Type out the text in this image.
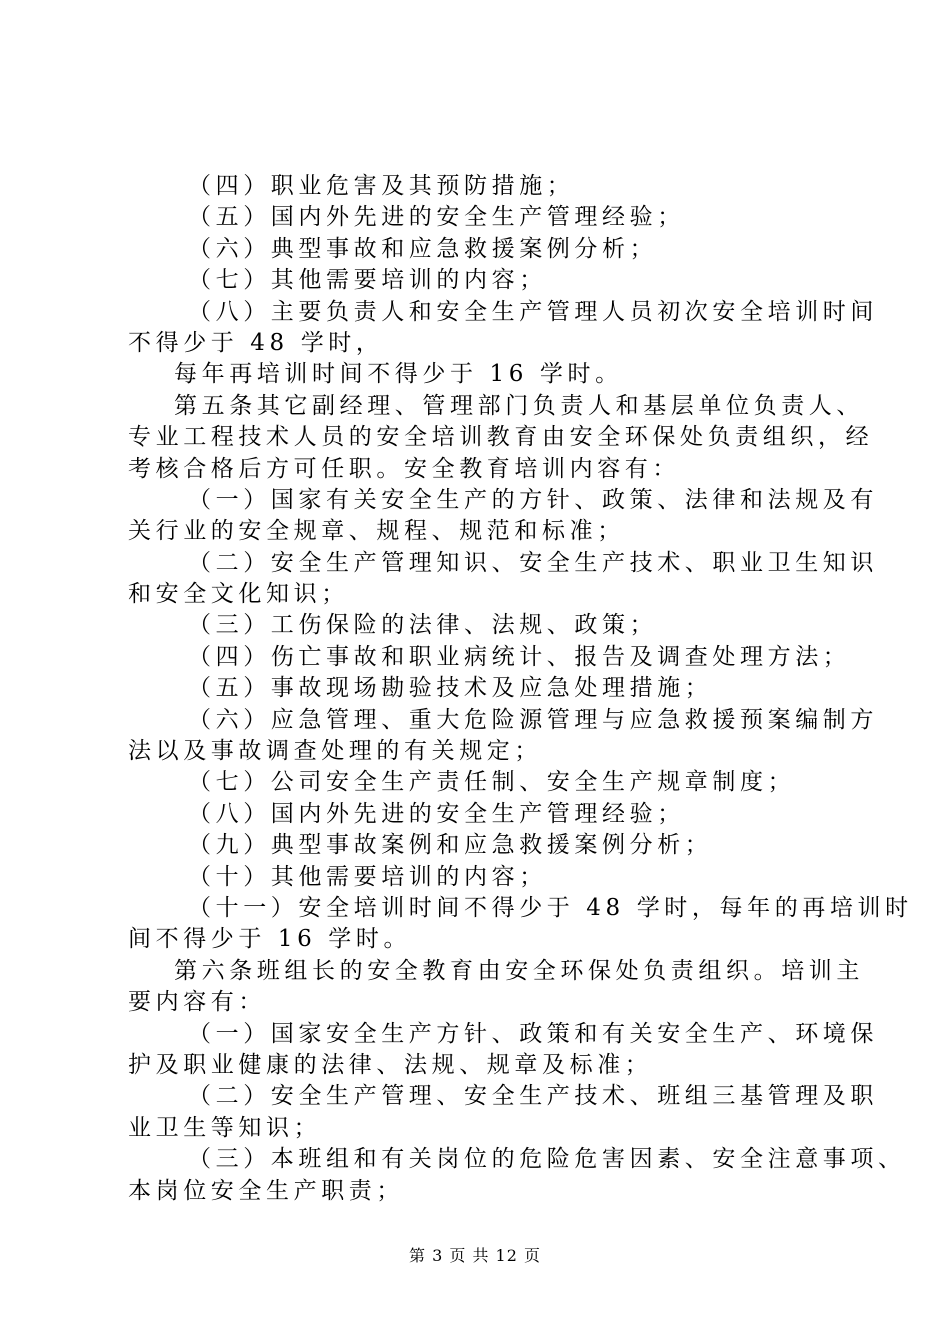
（四）职业危害及其预防措施；
（五）国内外先进的安全生产管理经验；
（六）典型事故和应急救援案例分析；
（七）其他需要培训的内容；
（八）主要负责人和安全生产管理人员初次安全培训时间
不得少于 48 学时，
每年再培训时间不得少于 16 学时。
第五条其它副经理、管理部门负责人和基层单位负责人、
专业工程技术人员的安全培训教育由安全环保处负责组织，经
考核合格后方可任职。安全教育培训内容有：
（一）国家有关安全生产的方针、政策、法律和法规及有
关行业的安全规章、规程、规范和标准；
（二）安全生产管理知识、安全生产技术、职业卫生知识
和安全文化知识；
（三）工伤保险的法律、法规、政策；
（四）伤亡事故和职业病统计、报告及调查处理方法；
（五）事故现场勘验技术及应急处理措施；
（六）应急管理、重大危险源管理与应急救援预案编制方
法以及事故调查处理的有关规定；
（七）公司安全生产责任制、安全生产规章制度；
（八）国内外先进的安全生产管理经验；
（九）典型事故案例和应急救援案例分析；
（十）其他需要培训的内容；
（十一）安全培训时间不得少于 48 学时，每年的再培训时
间不得少于 16 学时。
第六条班组长的安全教育由安全环保处负责组织。培训主
要内容有：
（一）国家安全生产方针、政策和有关安全生产、环境保
护及职业健康的法律、法规、规章及标准；
（二）安全生产管理、安全生产技术、班组三基管理及职
业卫生等知识；
（三）本班组和有关岗位的危险危害因素、安全注意事项、
本岗位安全生产职责；
第 3 页 共 12 页
